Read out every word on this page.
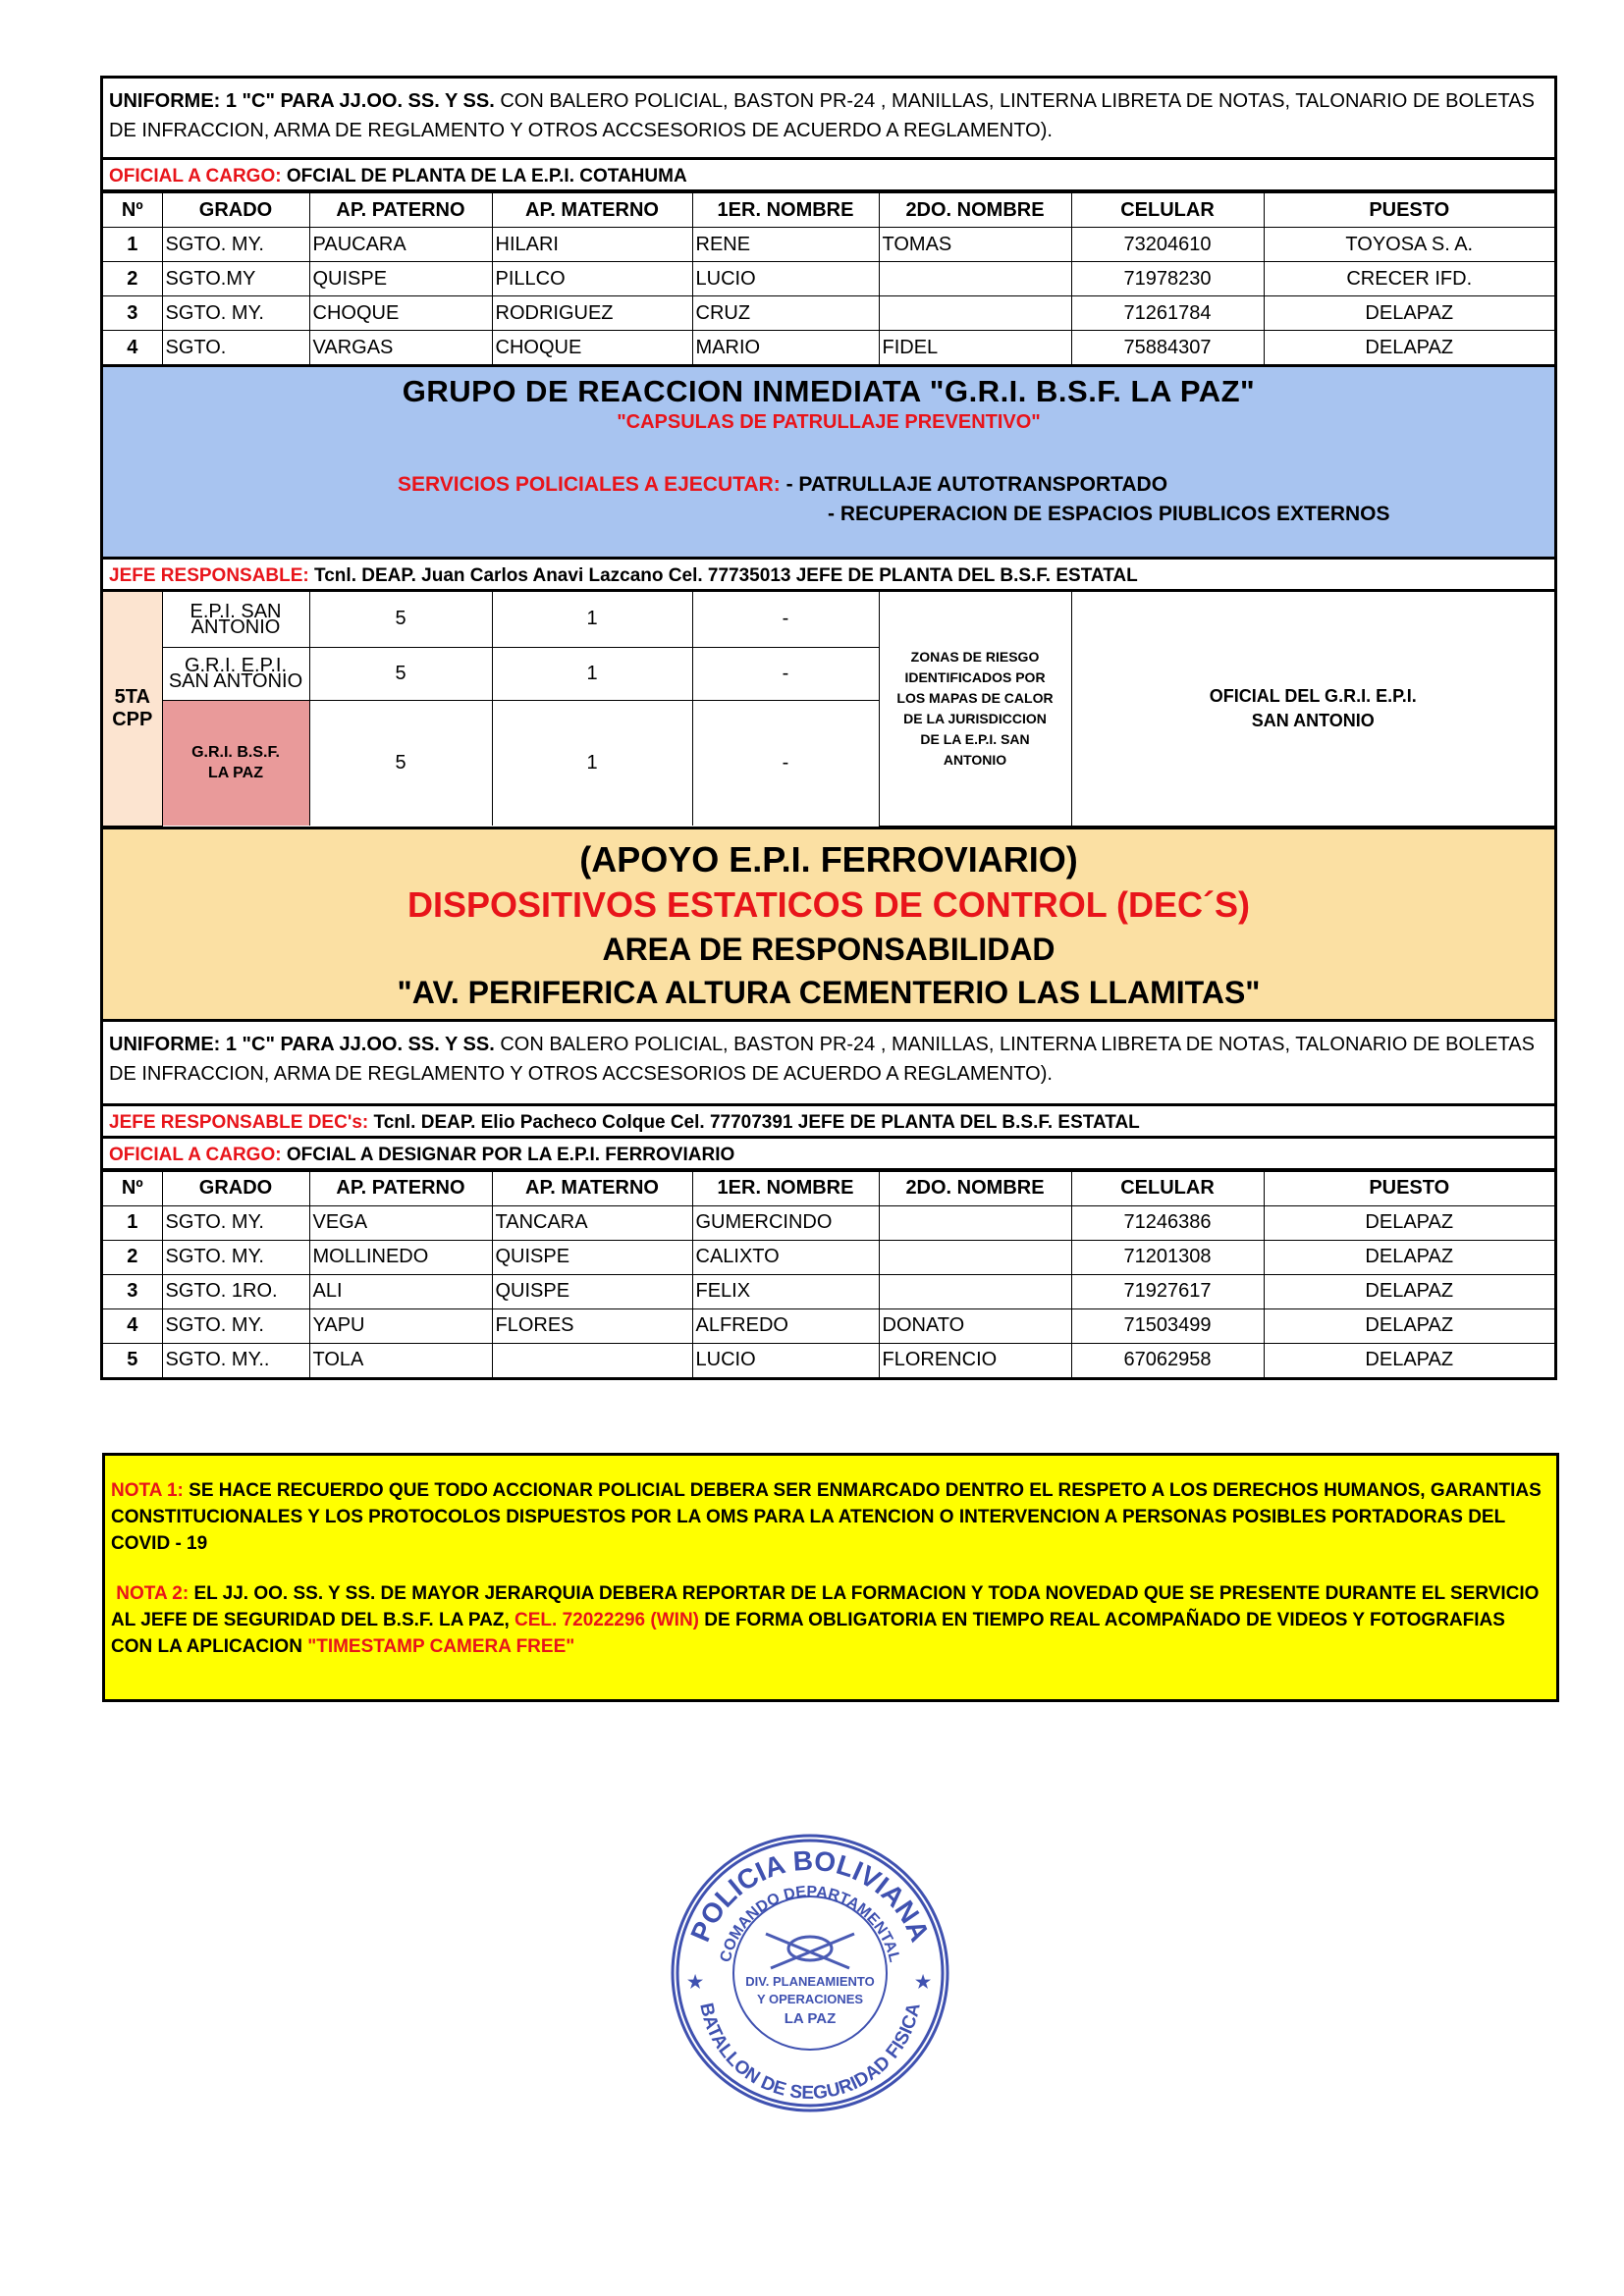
UNIFORME: 1 "C" PARA JJ.OO. SS. Y SS. CON BALERO POLICIAL, BASTON PR-24 , MANILLAS, LINTERNA LIBRETA DE NOTAS, TALONARIO DE BOLETAS DE INFRACCION, ARMA DE REGLAMENTO Y OTROS ACCSESORIOS DE ACUERDO A REGLAMENTO).
OFICIAL A CARGO: OFCIAL DE PLANTA DE LA E.P.I. COTAHUMA
Nº	GRADO	AP. PATERNO	AP. MATERNO	1ER. NOMBRE	2DO. NOMBRE	CELULAR	PUESTO
1	SGTO. MY.	PAUCARA	HILARI	RENE	TOMAS	73204610	TOYOSA S. A.
2	SGTO.MY	QUISPE	PILLCO	LUCIO		71978230	CRECER IFD.
3	SGTO. MY.	CHOQUE	RODRIGUEZ	CRUZ		71261784	DELAPAZ
4	SGTO.	VARGAS	CHOQUE	MARIO	FIDEL	75884307	DELAPAZ
GRUPO DE REACCION INMEDIATA "G.R.I. B.S.F. LA PAZ"
"CAPSULAS DE PATRULLAJE PREVENTIVO"
SERVICIOS POLICIALES A EJECUTAR: - PATRULLAJE AUTOTRANSPORTADO
- RECUPERACION DE ESPACIOS PIUBLICOS EXTERNOS
JEFE RESPONSABLE: Tcnl. DEAP. Juan Carlos Anavi Lazcano Cel. 77735013 JEFE DE PLANTA DEL B.S.F. ESTATAL
5TA CPP	E.P.I. SAN ANTONIO	5	1	-	ZONAS DE RIESGO IDENTIFICADOS POR LOS MAPAS DE CALOR DE LA JURISDICCION DE LA E.P.I. SAN ANTONIO	OFICIAL DEL G.R.I. E.P.I. SAN ANTONIO
	G.R.I. E.P.I. SAN ANTONIO	5	1	-		
	G.R.I. B.S.F. LA PAZ	5	1	-		
(APOYO E.P.I. FERROVIARIO)
DISPOSITIVOS ESTATICOS DE CONTROL (DEC´S)
AREA DE RESPONSABILIDAD
"AV. PERIFERICA ALTURA CEMENTERIO LAS LLAMITAS"
UNIFORME: 1 "C" PARA JJ.OO. SS. Y SS. CON BALERO POLICIAL, BASTON PR-24 , MANILLAS, LINTERNA LIBRETA DE NOTAS, TALONARIO DE BOLETAS DE INFRACCION, ARMA DE REGLAMENTO Y OTROS ACCSESORIOS DE ACUERDO A REGLAMENTO).
JEFE RESPONSABLE DEC's: Tcnl. DEAP. Elio Pacheco Colque Cel. 77707391 JEFE DE PLANTA DEL B.S.F. ESTATAL
OFICIAL A CARGO: OFCIAL A DESIGNAR POR LA E.P.I. FERROVIARIO
Nº	GRADO	AP. PATERNO	AP. MATERNO	1ER. NOMBRE	2DO. NOMBRE	CELULAR	PUESTO
1	SGTO. MY.	VEGA	TANCARA	GUMERCINDO		71246386	DELAPAZ
2	SGTO. MY.	MOLLINEDO	QUISPE	CALIXTO		71201308	DELAPAZ
3	SGTO. 1RO.	ALI	QUISPE	FELIX		71927617	DELAPAZ
4	SGTO. MY.	YAPU	FLORES	ALFREDO	DONATO	71503499	DELAPAZ
5	SGTO. MY..	TOLA		LUCIO	FLORENCIO	67062958	DELAPAZ
NOTA 1: SE HACE RECUERDO QUE TODO ACCIONAR POLICIAL DEBERA SER ENMARCADO DENTRO EL RESPETO A LOS DERECHOS HUMANOS, GARANTIAS CONSTITUCIONALES Y LOS PROTOCOLOS DISPUESTOS POR LA OMS PARA LA ATENCION O INTERVENCION A PERSONAS POSIBLES PORTADORAS DEL COVID - 19
NOTA 2: EL JJ. OO. SS. Y SS. DE MAYOR JERARQUIA DEBERA REPORTAR DE LA FORMACION Y TODA NOVEDAD QUE SE PRESENTE DURANTE EL SERVICIO AL JEFE DE SEGURIDAD DEL B.S.F. LA PAZ, CEL. 72022296 (WIN) DE FORMA OBLIGATORIA EN TIEMPO REAL ACOMPAÑADO DE VIDEOS Y FOTOGRAFIAS CON LA APLICACION "TIMESTAMP CAMERA FREE"
POLICIA BOLIVIANA
COMANDO DEPARTAMENTAL
BATALLON DE SEGURIDAD FISICA
DIV. PLANEAMIENTO
Y OPERACIONES
LA PAZ
★	★
